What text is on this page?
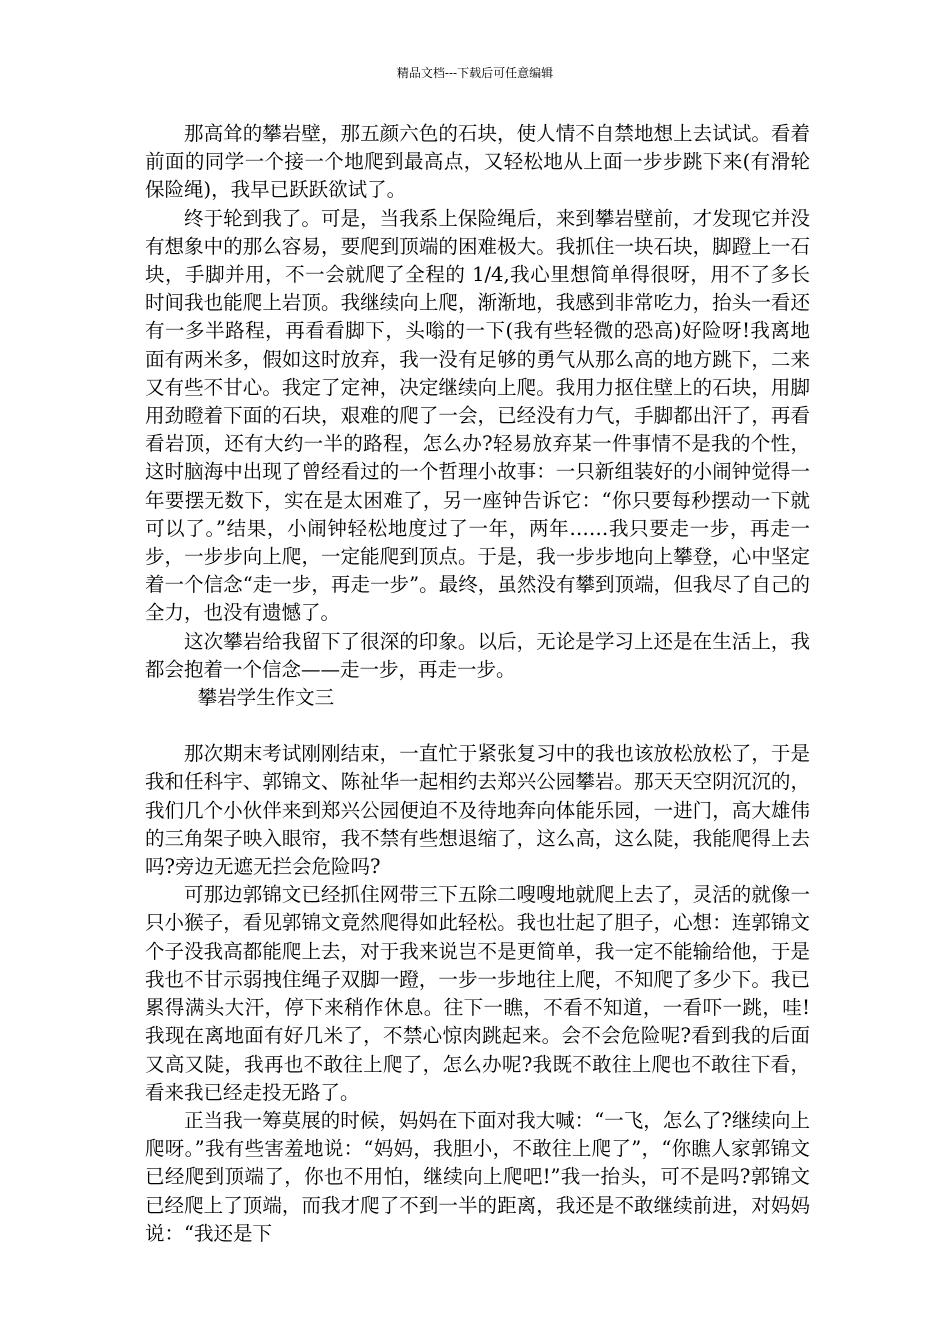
精品文档---下载后可任意编辑

那高耸的攀岩壁，那五颜六色的石块，使人情不自禁地想上去试试。看着前面的同学一个接一个地爬到最高点，又轻松地从上面一步步跳下来(有滑轮保险绳)，我早已跃跃欲试了。

终于轮到我了。可是，当我系上保险绳后，来到攀岩壁前，才发现它并没有想象中的那么容易，要爬到顶端的困难极大。我抓住一块石块，脚蹬上一石块，手脚并用，不一会就爬了全程的 1/4,我心里想简单得很呀，用不了多长时间我也能爬上岩顶。我继续向上爬，渐渐地，我感到非常吃力，抬头一看还有一多半路程，再看看脚下，头嗡的一下(我有些轻微的恐高)好险呀!我离地面有两米多，假如这时放弃，我一没有足够的勇气从那么高的地方跳下，二来又有些不甘心。我定了定神，决定继续向上爬。我用力抠住壁上的石块，用脚用劲瞪着下面的石块，艰难的爬了一会，已经没有力气，手脚都出汗了，再看看岩顶，还有大约一半的路程，怎么办?轻易放弃某一件事情不是我的个性，这时脑海中出现了曾经看过的一个哲理小故事：一只新组装好的小闹钟觉得一年要摆无数下，实在是太困难了，另一座钟告诉它：“你只要每秒摆动一下就可以了。”结果，小闹钟轻松地度过了一年，两年……我只要走一步，再走一步，一步步向上爬，一定能爬到顶点。于是，我一步步地向上攀登，心中坚定着一个信念“走一步，再走一步”。最终，虽然没有攀到顶端，但我尽了自己的全力，也没有遗憾了。

这次攀岩给我留下了很深的印象。以后，无论是学习上还是在生活上，我都会抱着一个信念——走一步，再走一步。

攀岩学生作文三

那次期末考试刚刚结束，一直忙于紧张复习中的我也该放松放松了，于是我和任科宇、郭锦文、陈祉华一起相约去郑兴公园攀岩。那天天空阴沉沉的，我们几个小伙伴来到郑兴公园便迫不及待地奔向体能乐园，一进门，高大雄伟的三角架子映入眼帘，我不禁有些想退缩了，这么高，这么陡，我能爬得上去吗?旁边无遮无拦会危险吗?

可那边郭锦文已经抓住网带三下五除二嗖嗖地就爬上去了，灵活的就像一只小猴子，看见郭锦文竟然爬得如此轻松。我也壮起了胆子，心想：连郭锦文个子没我高都能爬上去，对于我来说岂不是更简单，我一定不能输给他，于是我也不甘示弱拽住绳子双脚一蹬，一步一步地往上爬，不知爬了多少下。我已累得满头大汗，停下来稍作休息。往下一瞧，不看不知道，一看吓一跳，哇!我现在离地面有好几米了，不禁心惊肉跳起来。会不会危险呢?看到我的后面又高又陡，我再也不敢往上爬了，怎么办呢?我既不敢往上爬也不敢往下看，看来我已经走投无路了。

正当我一筹莫展的时候，妈妈在下面对我大喊：“一飞，怎么了?继续向上爬呀。”我有些害羞地说：“妈妈，我胆小，不敢往上爬了”，“你瞧人家郭锦文已经爬到顶端了，你也不用怕，继续向上爬吧!”我一抬头，可不是吗?郭锦文已经爬上了顶端，而我才爬了不到一半的距离，我还是不敢继续前进，对妈妈说：“我还是下
